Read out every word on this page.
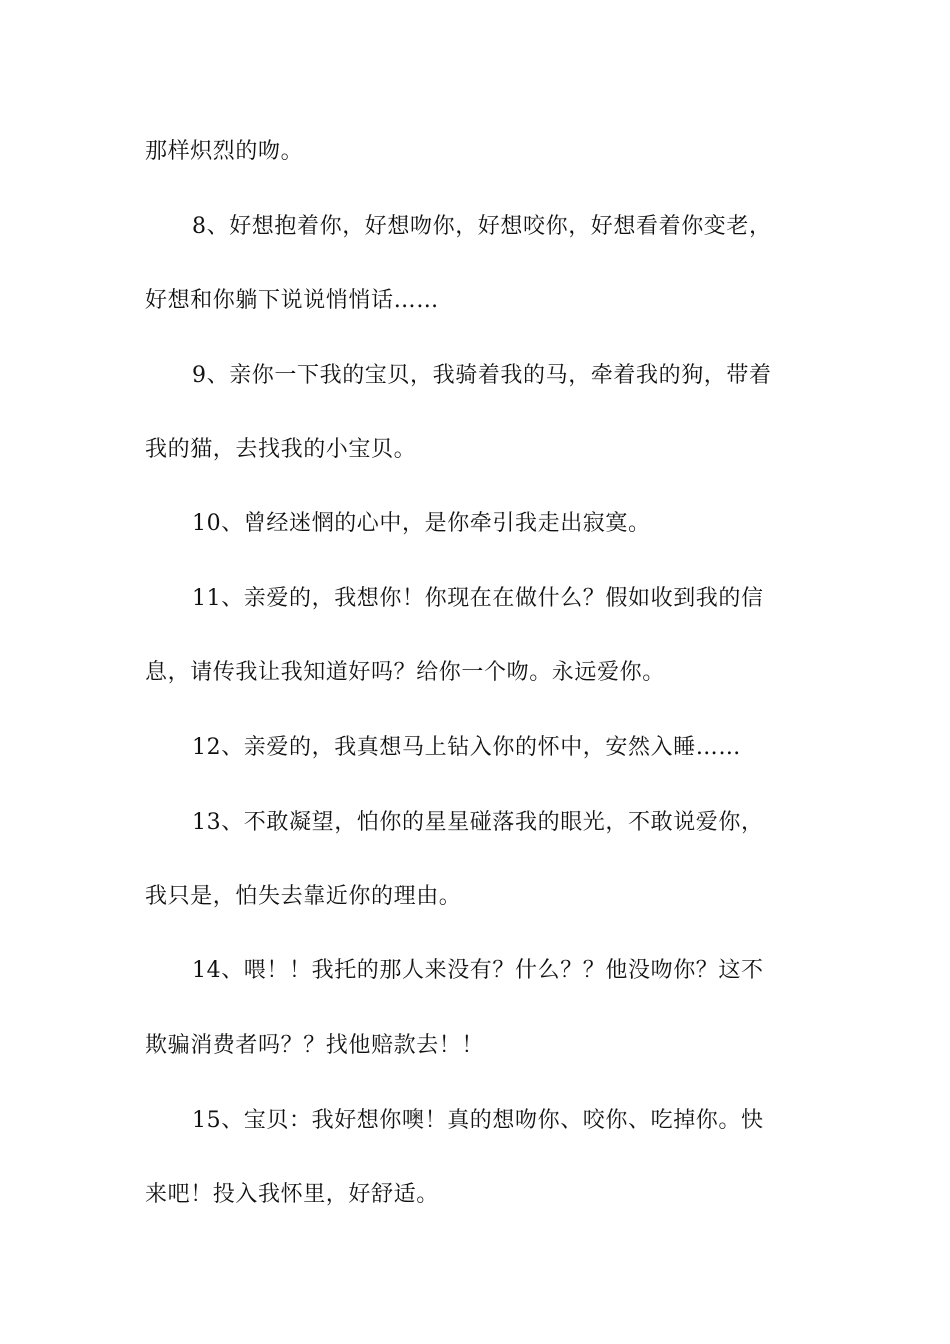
那样炽烈的吻。
8、好想抱着你，好想吻你，好想咬你，好想看着你变老，
好想和你躺下说说悄悄话……
9、亲你一下我的宝贝，我骑着我的马，牵着我的狗，带着
我的猫，去找我的小宝贝。
10、曾经迷惘的心中，是你牵引我走出寂寞。
11、亲爱的，我想你！你现在在做什么？假如收到我的信
息，请传我让我知道好吗？给你一个吻。永远爱你。
12、亲爱的，我真想马上钻入你的怀中，安然入睡……
13、不敢凝望，怕你的星星碰落我的眼光，不敢说爱你，
我只是，怕失去靠近你的理由。
14、喂！！我托的那人来没有？什么？？他没吻你？这不
欺骗消费者吗？？找他赔款去！！
15、宝贝：我好想你噢！真的想吻你、咬你、吃掉你。快
来吧！投入我怀里，好舒适。
